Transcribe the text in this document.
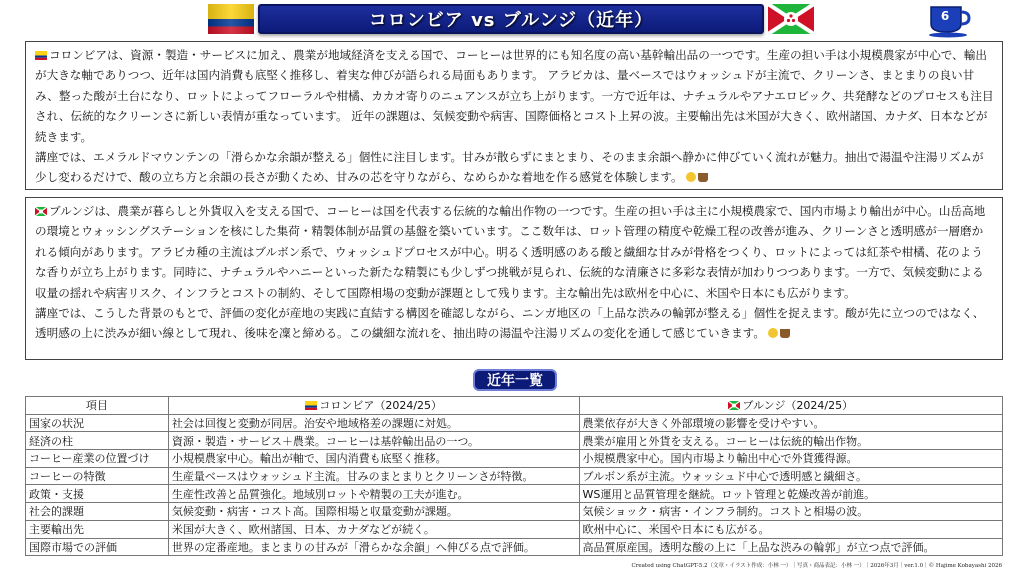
コロンビア vs ブルンジ（近年）	6

コロンビアは、資源・製造・サービスに加え、農業が地域経済を支える国で、コーヒーは世界的にも知名度の高い基幹輸出品の一つです。生産の担い手は小規模農家が中心で、輸出が大きな軸でありつつ、近年は国内消費も底堅く推移し、着実な伸びが語られる局面もあります。 アラビカは、量ベースではウォッシュドが主流で、クリーンさ、まとまりの良い甘み、整った酸が土台になり、ロットによってフローラルや柑橘、カカオ寄りのニュアンスが立ち上がります。一方で近年は、ナチュラルやアナエロビック、共発酵などのプロセスも注目され、伝統的なクリーンさに新しい表情が重なっています。 近年の課題は、気候変動や病害、国際価格とコスト上昇の波。主要輸出先は米国が大きく、欧州諸国、カナダ、日本などが続きます。

講座では、エメラルドマウンテンの「滑らかな余韻が整える」個性に注目します。甘みが散らずにまとまり、そのまま余韻へ静かに伸びていく流れが魅力。抽出で湯温や注湯リズムが少し変わるだけで、酸の立ち方と余韻の長さが動くため、甘みの芯を守りながら、なめらかな着地を作る感覚を体験します。

ブルンジは、農業が暮らしと外貨収入を支える国で、コーヒーは国を代表する伝統的な輸出作物の一つです。生産の担い手は主に小規模農家で、国内市場より輸出が中心。山岳高地の環境とウォッシングステーションを核にした集荷・精製体制が品質の基盤を築いています。ここ数年は、ロット管理の精度や乾燥工程の改善が進み、クリーンさと透明感が一層磨かれる傾向があります。アラビカ種の主流はブルボン系で、ウォッシュドプロセスが中心。明るく透明感のある酸と繊細な甘みが骨格をつくり、ロットによっては紅茶や柑橘、花のような香りが立ち上がります。同時に、ナチュラルやハニーといった新たな精製にも少しずつ挑戦が見られ、伝統的な清廉さに多彩な表情が加わりつつあります。一方で、気候変動による収量の揺れや病害リスク、インフラとコストの制約、そして国際相場の変動が課題として残ります。主な輸出先は欧州を中心に、米国や日本にも広がります。

講座では、こうした背景のもとで、評価の変化が産地の実践に直結する構図を確認しながら、ニンガ地区の「上品な渋みの輪郭が整える」個性を捉えます。酸が先に立つのではなく、透明感の上に渋みが細い線として現れ、後味を凜と締める。この繊細な流れを、抽出時の湯温や注湯リズムの変化を通して感じていきます。

近年一覧
項目	コロンビア（2024/25）	ブルンジ（2024/25）
国家の状況	社会は回復と変動が同居。治安や地域格差の課題に対処。	農業依存が大きく外部環境の影響を受けやすい。
経済の柱	資源・製造・サービス＋農業。コーヒーは基幹輸出品の一つ。	農業が雇用と外貨を支える。コーヒーは伝統的輸出作物。
コーヒー産業の位置づけ	小規模農家中心。輸出が軸で、国内消費も底堅く推移。	小規模農家中心。国内市場より輸出中心で外貨獲得源。
コーヒーの特徴	生産量ベースはウォッシュド主流。甘みのまとまりとクリーンさが特徴。	ブルボン系が主流。ウォッシュド中心で透明感と繊細さ。
政策・支援	生産性改善と品質強化。地域別ロットや精製の工夫が進む。	WS運用と品質管理を継続。ロット管理と乾燥改善が前進。
社会的課題	気候変動・病害・コスト高。国際相場と収量変動が課題。	気候ショック・病害・インフラ制約。コストと相場の波。
主要輸出先	米国が大きく、欧州諸国、日本、カナダなどが続く。	欧州中心に、米国や日本にも広がる。
国際市場での評価	世界の定番産地。まとまりの甘みが「滑らかな余韻」へ伸びる点で評価。	高品質原産国。透明な酸の上に「上品な渋みの輪郭」が立つ点で評価。
Created using ChatGPT-5.2（文章・イラスト作成：小林 一）｜写真・商品表記：小林 一）｜2026年3月｜ver.1.0｜© Hajime Kobayashi 2026
